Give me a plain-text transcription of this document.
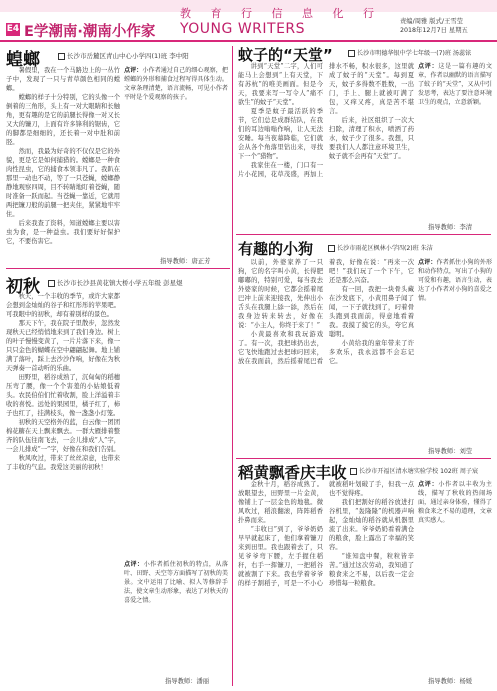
教 育 行 信 息 化 行
E4 E学潮南·潮南小作家 YOUNG WRITERS	责编/周雅 版式/王雪莹
2018年12月7日 星期五
蝗螂	长沙市岳麓区青山中心小学四(1)班 李中阳

暑假里，我在一个马路边上的一丛竹子中，发现了一只与青草颜色相同的螳螂。

螳螂的样子十分特别，它的头像一个倒着的三角形，头上有一对大眼睛和长触角，更有趣的是它的前腿长得像一对又长又大的镰刀，上面有许多锋利的锯齿，它的脚都是细细的，还长着一对中肚和前胫。

然而，我最为好奇的不仅仅是它的外貌，更是它是如何捕猎的。螳螂是一种食肉性昆虫，它的捕食本领非凡了。我趴在那里一动也不动，等了一只苍蝇，螳螂静静地观察四周，目不转睛地盯着苍蝇，随时准备一跃而起。当苍蝇一靠近，它就用两把镰刀般的前腿一把夹住，紧紧地牢牢住。

后来我查了资料，知道螳螂主要以害虫为食，是一种益虫。我们要好好保护它，不要伤害它。

点评：小作者通过自己的细心观察，把螳螂的外形和捕食过程写得具体生动。文章条理清楚，语言流畅，可见小作者平时是个爱观察的孩子。
指导教师：唐正芳
初秋	长沙市长沙县黄花镇大桥小学五年级 彭星煜

秋天，一个丰收的季节，或许大家都会想到金灿灿的谷子和红彤彤的苹果吧。可我眼中的初秋，却有着别样的景色。

那天下午，我在院子里散步，忽然发现秋天已经悄悄地来到了我们身边。树上的叶子慢慢变黄了，一片片落下来，像一只只金色的蝴蝶在空中翩翩起舞。地上铺满了落叶，踩上去沙沙作响，好像在为秋天弹奏一首动听的乐曲。

田野里，稻谷成熟了，沉甸甸的稻穗压弯了腰，像一个个害羞的小姑娘低着头。农民伯伯们忙着收割，脸上洋溢着丰收的喜悦。远处的果园里，橘子红了，柿子也红了，挂满枝头，像一盏盏小灯笼。

初秋的天空格外的蓝，白云像一团团棉花糖在天上飘来飘去。一群大雁排着整齐的队伍往南飞去，一会儿排成“人”字，一会儿排成“一”字，好像在和我们告别。

秋风吹过，带来了丝丝凉意，也带来了丰收的气息。我爱这美丽的初秋！

点评：小作者抓住初秋的特点，从落叶、田野、天空等方面描写了初秋的美景。文中运用了比喻、拟人等修辞手法，使文章生动形象，表达了对秋天的喜爱之情。
指导教师：潘丽
蚊子的“天堂”	长沙市明德华银中学七年级一(7)班 汤蕊铱

讲到“天堂”二字，人们可能马上会想到“上有天堂，下有苏杭”的唯美画面。但是今天，我要来写一写令人“痛不欲生”的蚊子“天堂”。

夏季是蚊子最活跃的季节，它们总是成群结队，在我们的耳边嗡嗡作响，让人无法安睡。每当夜幕降临，它们就会从各个角落里钻出来，寻找下一个“猎物”。

我家住在一楼，门口有一片小花园，花草茂盛，再加上排水不畅，积水很多，这里就成了蚊子的“天堂”。每到夏天，蚊子多得数不胜数，一出门，手上、腿上就被叮满了包，又痒又疼，真是苦不堪言。

后来，社区组织了一次大扫除，清理了积水，喷洒了药水，蚊子少了很多。我想，只要我们人人都注意环境卫生，蚊子就不会再有“天堂”了。

点评：这是一篇有趣的文章，作者以幽默的语言描写了蚊子的“天堂”，又从中引发思考，表达了要注意环境卫生的观点，立意新颖。
指导教师：李清
有趣的小狗	长沙市雨花区枫林小学四(2)班 朱洁

以前，外婆家养了一只狗，它的名字叫小黄，长得肥嘟嘟的，特别可爱，每当我去外婆家的时候，它都会摇着尾巴冲上前来迎接我，先伸出小舌头在我腿上舔一舔，然后在我身边转来转去，好像在说：“小主人，你终于来了！”

小黄最喜欢和我玩游戏了。有一次，我把球扔出去，它飞快地跑过去把球叼回来，放在我面前，然后摇着尾巴看着我，好像在说：“再来一次吧！”我们玩了一个下午，它还是那么兴奋。

有一回，我把一块骨头藏在沙发底下，小黄用鼻子闻了闻，一下子就找到了，叼着骨头跑到我面前，得意地看着我。我摸了摸它的头，夸它真聪明。

小黄给我的童年带来了许多欢乐，我永远都不会忘记它。

点评：作者抓住小狗的外形和动作特点，写出了小狗的可爱和有趣，语言生动，表达了小作者对小狗的喜爱之情。
指导教师：刘莹
稻黄飘香庆丰收	长沙市开福区清水塘实验学校 102班 周子宸

金秋十月，稻谷成熟了。放眼望去，田野里一片金黄，像铺上了一层金色的地毯。微风吹过，稻浪翻滚，阵阵稻香扑鼻而来。

“丰收日”到了，爷爷奶奶早早就起床了，他们拿着镰刀来到田里。我也跟着去了，只见爷爷弯下腰，左手握住稻秆，右手一挥镰刀，一把稻谷就被割了下来。我也学着爷爷的样子割稻子，可是一不小心就被稻叶划破了手，但我一点也不觉得疼。

我们把割好的稻谷放进打谷机里，“轰隆隆”的机器声响起，金灿灿的稻谷就从机器里流了出来。爷爷奶奶看着满仓的粮食，脸上露出了幸福的笑容。

“谁知盘中餐，粒粒皆辛苦。”通过这次劳动，我知道了粮食来之不易，以后我一定会珍惜每一粒粮食。

点评：小作者以丰收为主线，描写了秋收的热闹场面，通过亲身体验，懂得了粮食来之不易的道理，文章真实感人。
指导教师：杨媛
